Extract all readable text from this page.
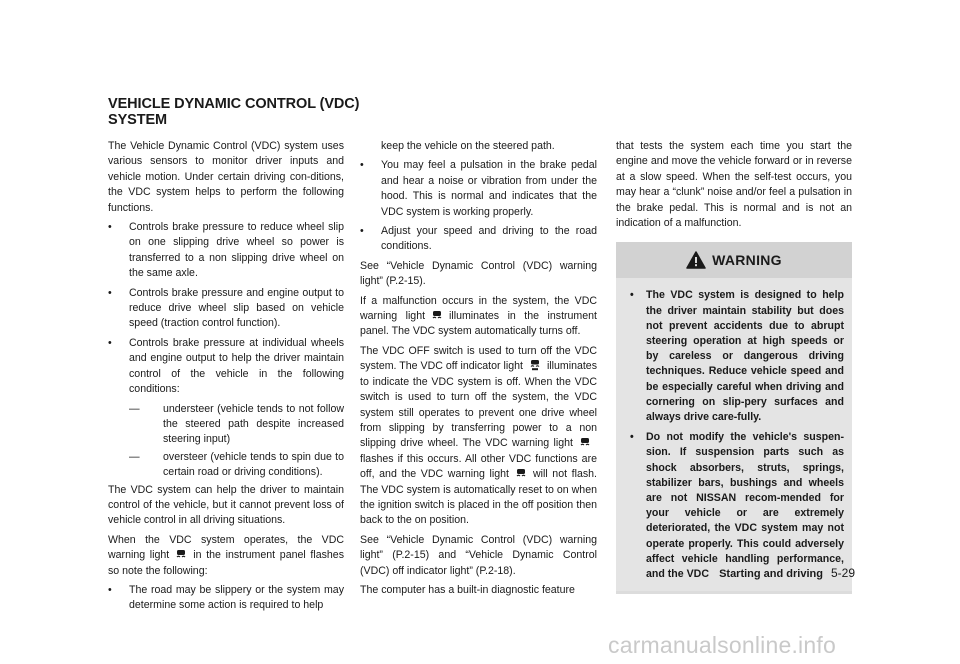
VEHICLE DYNAMIC CONTROL (VDC)
SYSTEM

The Vehicle Dynamic Control (VDC) system uses various sensors to monitor driver inputs and vehicle motion. Under certain driving con-ditions, the VDC system helps to perform the following functions.

• Controls brake pressure to reduce wheel slip on one slipping drive wheel so power is transferred to a non slipping drive wheel on the same axle.
• Controls brake pressure and engine output to reduce drive wheel slip based on vehicle speed (traction control function).
• Controls brake pressure at individual wheels and engine output to help the driver maintain control of the vehicle in the following conditions:
— understeer (vehicle tends to not follow the steered path despite increased steering input)
— oversteer (vehicle tends to spin due to certain road or driving conditions).

The VDC system can help the driver to maintain control of the vehicle, but it cannot prevent loss of vehicle control in all driving situations.

When the VDC system operates, the VDC warning light in the instrument panel flashes so note the following:

• The road may be slippery or the system may determine some action is required to help
keep the vehicle on the steered path.
• You may feel a pulsation in the brake pedal and hear a noise or vibration from under the hood. This is normal and indicates that the VDC system is working properly.
• Adjust your speed and driving to the road conditions.

See “Vehicle Dynamic Control (VDC) warning light” (P.2-15).

If a malfunction occurs in the system, the VDC warning light illuminates in the instrument panel. The VDC system automatically turns off.

The VDC OFF switch is used to turn off the VDC system. The VDC off indicator light illuminates to indicate the VDC system is off. When the VDC switch is used to turn off the system, the VDC system still operates to prevent one drive wheel from slipping by transferring power to a non slipping drive wheel. The VDC warning lightflashes if this occurs. All other VDC functions are off, and the VDC warning light will not flash. The VDC system is automatically reset to on when the ignition switch is placed in the off position then back to the on position.

See “Vehicle Dynamic Control (VDC) warning light” (P.2-15) and “Vehicle Dynamic Control (VDC) off indicator light” (P.2-18).

The computer has a built-in diagnostic feature

that tests the system each time you start the engine and move the vehicle forward or in reverse at a slow speed. When the self-test occurs, you may hear a “clunk” noise and/or feel a pulsation in the brake pedal. This is normal and is not an indication of a malfunction.

WARNING
• The VDC system is designed to help the driver maintain stability but does not prevent accidents due to abrupt steering operation at high speeds or by careless or dangerous driving techniques. Reduce vehicle speed and be especially careful when driving and cornering on slip-pery surfaces and always drive care-fully.
• Do not modify the vehicle's suspen-sion. If suspension parts such as shock absorbers, struts, springs, stabilizer bars, bushings and wheels are not NISSAN recom-mended for your vehicle or are extremely deteriorated, the VDC system may not operate properly. This could adversely affect vehicle handling performance, and the VDC Starting and driving 5-29
carmanualsonline.info
